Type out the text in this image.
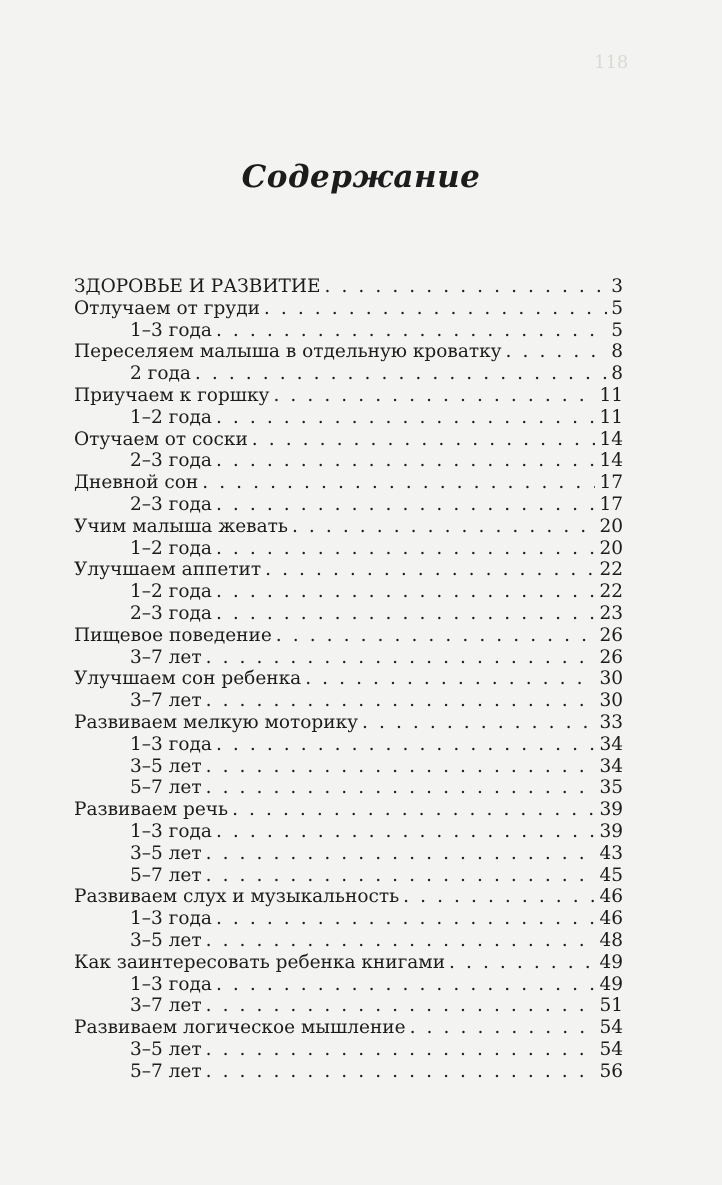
118
Содержание
ЗДОРОВЬЕ И РАЗВИТИЕ . . .	3
Отлучаем от груди . . .	5
1–3 года . . .	5
Переселяем малыша в отдельную кроватку . . .	8
2 года . . .	8
Приучаем к горшку . . .	11
1–2 года . . .	11
Отучаем от соски . . .	14
2–3 года . . .	14
Дневной сон . . .	17
2–3 года . . .	17
Учим малыша жевать . . .	20
1–2 года . . .	20
Улучшаем аппетит . . .	22
1–2 года . . .	22
2–3 года . . .	23
Пищевое поведение . . .	26
3–7 лет . . .	26
Улучшаем сон ребенка . . .	30
3–7 лет . . .	30
Развиваем мелкую моторику . . .	33
1–3 года . . .	34
3–5 лет . . .	34
5–7 лет . . .	35
Развиваем речь . . .	39
1–3 года . . .	39
3–5 лет . . .	43
5–7 лет . . .	45
Развиваем слух и музыкальность . . .	46
1–3 года . . .	46
3–5 лет . . .	48
Как заинтересовать ребенка книгами . . .	49
1–3 года . . .	49
3–7 лет . . .	51
Развиваем логическое мышление . . .	54
3–5 лет . . .	54
5–7 лет . . .	56
